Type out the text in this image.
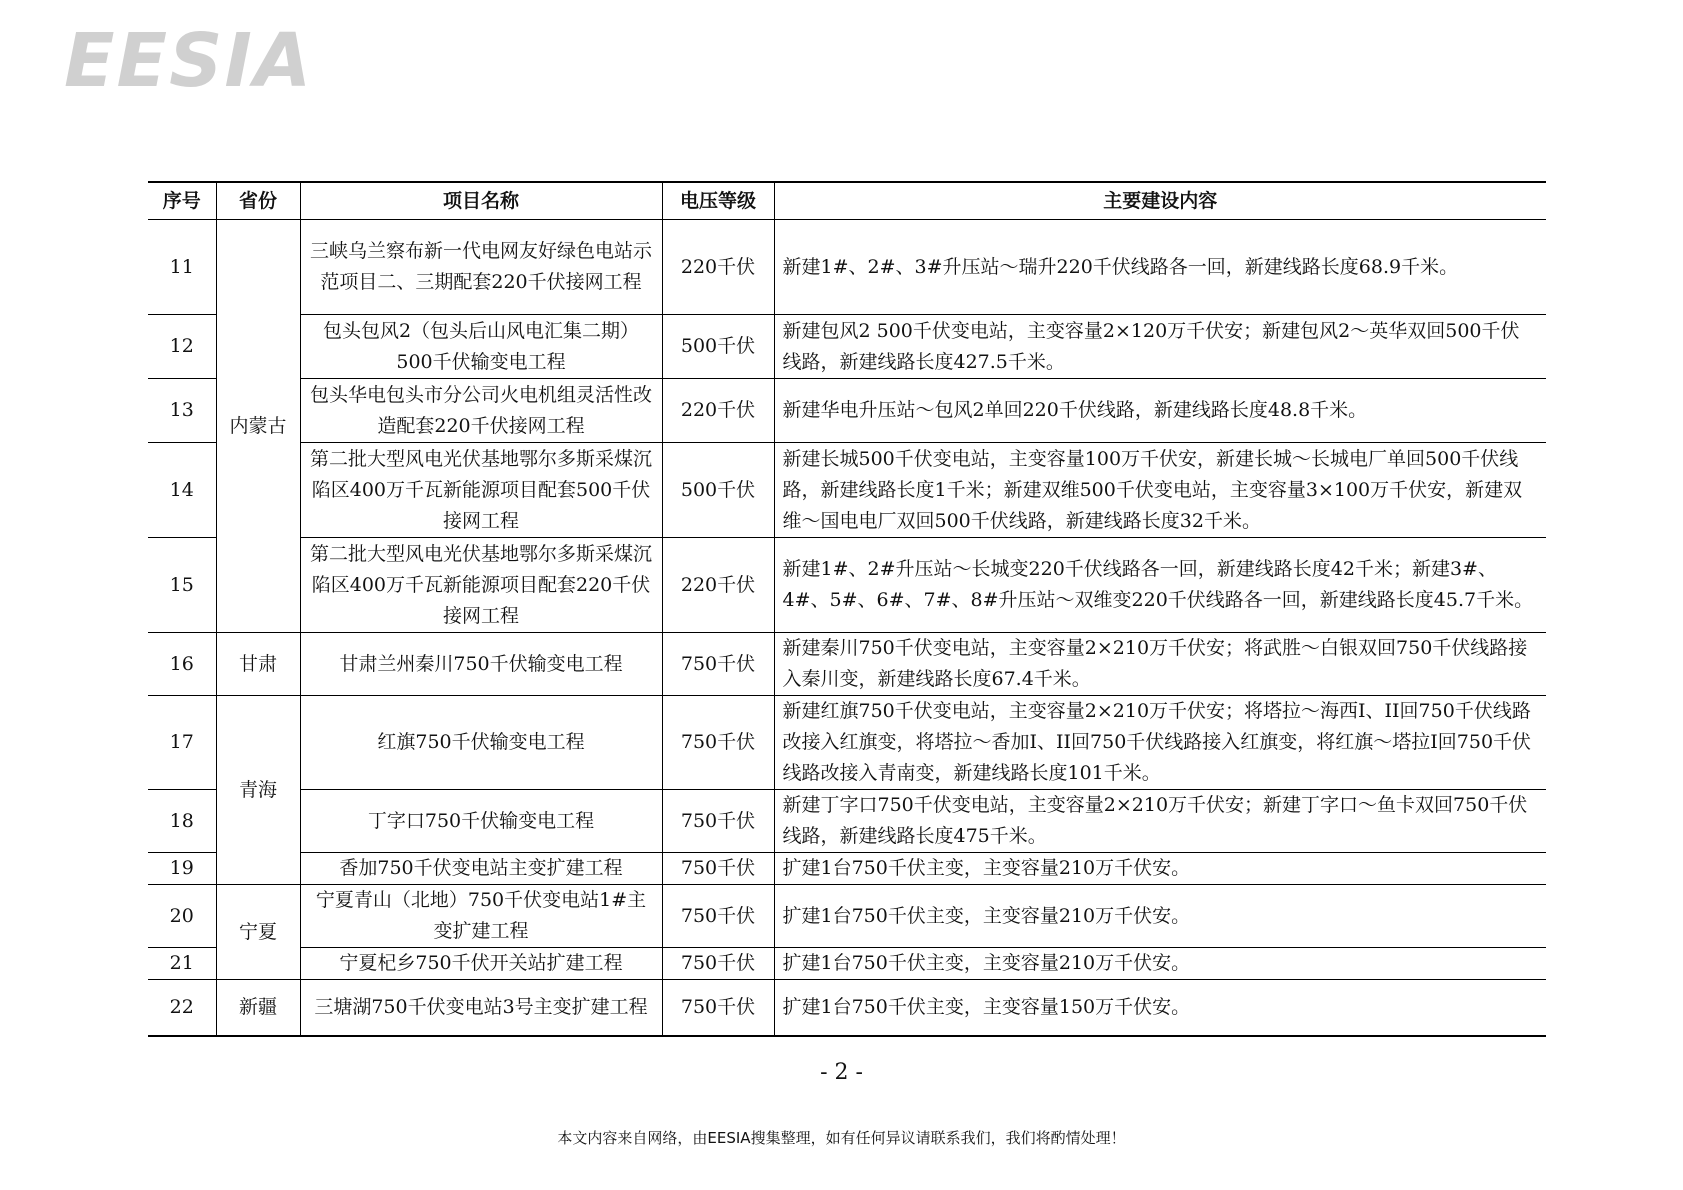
EESIA
序号	省份	项目名称	电压等级	主要建设内容
11	内蒙古	三峡乌兰察布新一代电网友好绿色电站示范项目二、三期配套220千伏接网工程	220千伏	新建1#、2#、3#升压站～瑞升220千伏线路各一回，新建线路长度68.9千米。
12		包头包风2（包头后山风电汇集二期）500千伏输变电工程	500千伏	新建包风2 500千伏变电站，主变容量2×120万千伏安；新建包风2～英华双回500千伏线路，新建线路长度427.5千米。
13		包头华电包头市分公司火电机组灵活性改造配套220千伏接网工程	220千伏	新建华电升压站～包风2单回220千伏线路，新建线路长度48.8千米。
14		第二批大型风电光伏基地鄂尔多斯采煤沉陷区400万千瓦新能源项目配套500千伏接网工程	500千伏	新建长城500千伏变电站，主变容量100万千伏安，新建长城～长城电厂单回500千伏线路，新建线路长度1千米；新建双维500千伏变电站，主变容量3×100万千伏安，新建双维～国电电厂双回500千伏线路，新建线路长度32千米。
15		第二批大型风电光伏基地鄂尔多斯采煤沉陷区400万千瓦新能源项目配套220千伏接网工程	220千伏	新建1#、2#升压站～长城变220千伏线路各一回，新建线路长度42千米；新建3#、4#、5#、6#、7#、8#升压站～双维变220千伏线路各一回，新建线路长度45.7千米。
16	甘肃	甘肃兰州秦川750千伏输变电工程	750千伏	新建秦川750千伏变电站，主变容量2×210万千伏安；将武胜～白银双回750千伏线路接入秦川变，新建线路长度67.4千米。
17	青海	红旗750千伏输变电工程	750千伏	新建红旗750千伏变电站，主变容量2×210万千伏安；将塔拉～海西I、II回750千伏线路改接入红旗变，将塔拉～香加I、II回750千伏线路接入红旗变，将红旗～塔拉I回750千伏线路改接入青南变，新建线路长度101千米。
18		丁字口750千伏输变电工程	750千伏	新建丁字口750千伏变电站，主变容量2×210万千伏安；新建丁字口～鱼卡双回750千伏线路，新建线路长度475千米。
19		香加750千伏变电站主变扩建工程	750千伏	扩建1台750千伏主变，主变容量210万千伏安。
20	宁夏	宁夏青山（北地）750千伏变电站1#主变扩建工程	750千伏	扩建1台750千伏主变，主变容量210万千伏安。
21		宁夏杞乡750千伏开关站扩建工程	750千伏	扩建1台750千伏主变，主变容量210万千伏安。
22	新疆	三塘湖750千伏变电站3号主变扩建工程	750千伏	扩建1台750千伏主变，主变容量150万千伏安。
- 2 -
本文内容来自网络，由EESIA搜集整理，如有任何异议请联系我们，我们将酌情处理！
